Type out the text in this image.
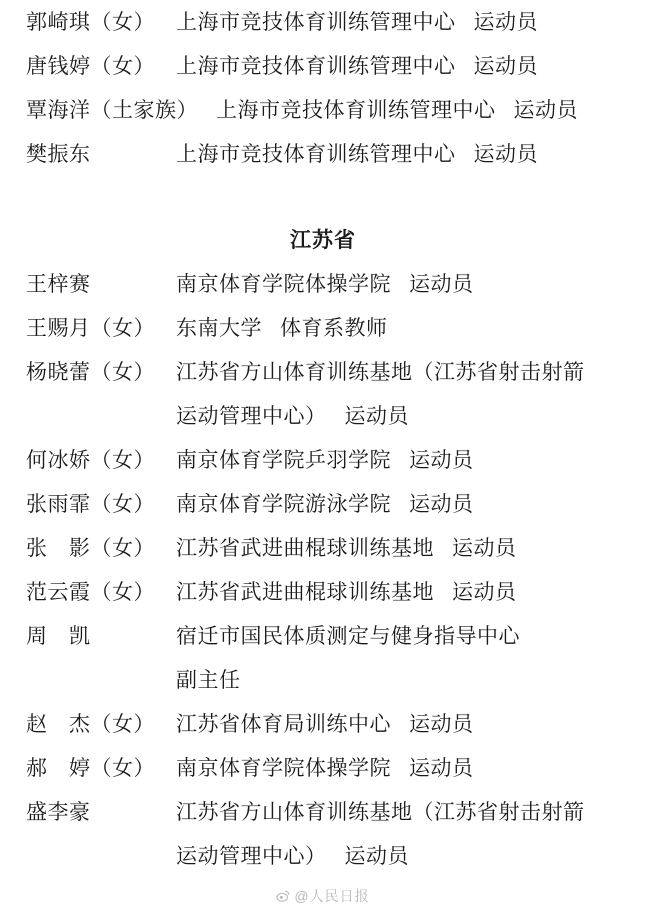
郭崎琪（女）	上海市竞技体育训练管理中心 运动员
唐钱婷（女）	上海市竞技体育训练管理中心 运动员
覃海洋（土家族） 上海市竞技体育训练管理中心 运动员
樊振东	上海市竞技体育训练管理中心 运动员
江苏省
王梓赛	南京体育学院体操学院 运动员
王赐月（女）	东南大学 体育系教师
杨晓蕾（女）	江苏省方山体育训练基地（江苏省射击射箭
运动管理中心） 运动员
何冰娇（女）	南京体育学院乒羽学院 运动员
张雨霏（女）	南京体育学院游泳学院 运动员
张　影（女）	江苏省武进曲棍球训练基地 运动员
范云霞（女）	江苏省武进曲棍球训练基地 运动员
周　凯	宿迁市国民体质测定与健身指导中心
副主任
赵　杰（女）	江苏省体育局训练中心 运动员
郝　婷（女）	南京体育学院体操学院 运动员
盛李豪	江苏省方山体育训练基地（江苏省射击射箭
运动管理中心） 运动员
@人民日报
